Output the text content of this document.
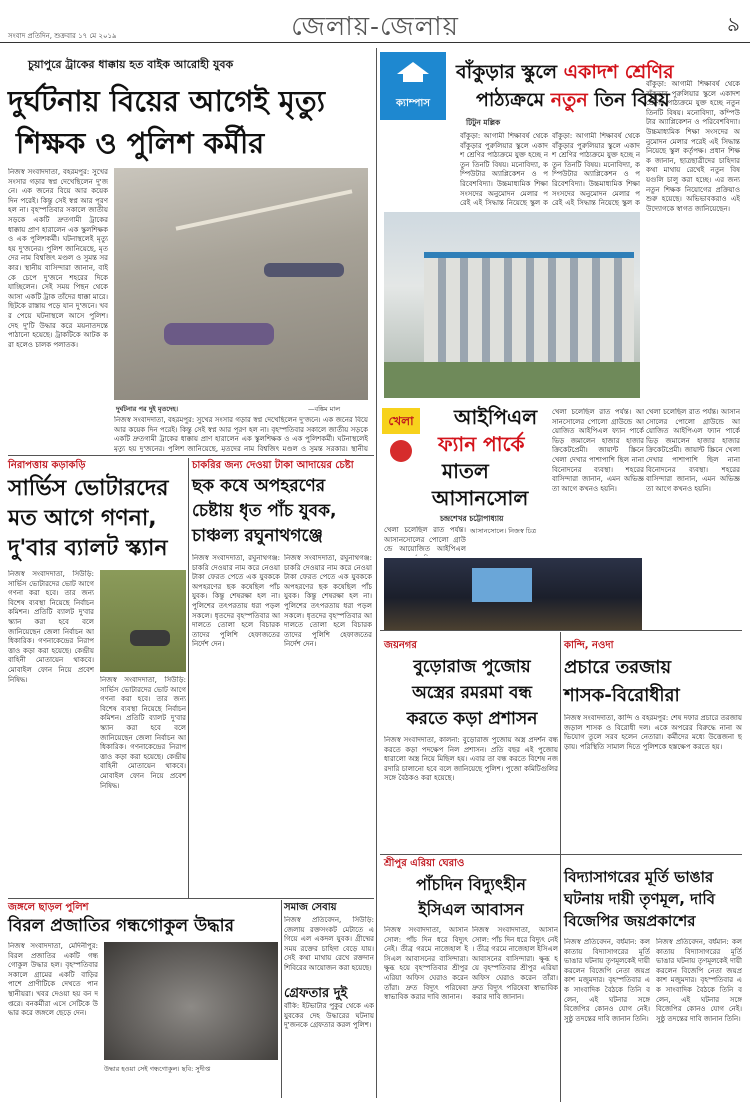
সংবাদ প্রতিদিন, শুক্রবার ১৭ মে ২০১৯	জেলায়-জেলায়	৯
চুয়াপুরে ট্রাকের ধাক্কায় হত বাইক আরোহী যুবক
দুর্ঘটনায় বিয়ের আগেই মৃত্যু
শিক্ষক ও পুলিশ কর্মীর
নিজস্ব সংবাদদাতা, বহরমপুর: সুখের সংসার গড়ার স্বপ্ন দেখেছিলেন দু'জনে। এক জনের বিয়ে আর কয়েক দিন পরেই। কিন্তু সেই স্বপ্ন আর পূরণ হল না। বৃহস্পতিবার সকালে জাতীয় সড়কে একটি দ্রুতগামী ট্রাকের ধাক্কায় প্রাণ হারালেন এক স্কুলশিক্ষক ও এক পুলিশকর্মী। ঘটনাস্থলেই মৃত্যু হয় দু'জনের। পুলিশ জানিয়েছে, মৃতদের নাম বিশ্বজিৎ মণ্ডল ও সুমন্ত সরকার। স্থানীয় বাসিন্দারা জানান, বাইকে চেপে দু'জনে শহরের দিকে যাচ্ছিলেন। সেই সময় পিছন থেকে আসা একটি ট্রাক তাঁদের ধাক্কা মারে। ছিটকে রাস্তায় পড়ে যান দু'জনে। খবর পেয়ে ঘটনাস্থলে আসে পুলিশ। দেহ দু'টি উদ্ধার করে ময়নাতদন্তে পাঠানো হয়েছে। ট্রাকটিকে আটক করা হলেও চালক পলাতক।
দুর্ঘটনার পর দুই মৃতদেহ।	—বঙ্কিম মাল
নিজস্ব সংবাদদাতা, বহরমপুর: সুখের সংসার গড়ার স্বপ্ন দেখেছিলেন দু'জনে। এক জনের বিয়ে আর কয়েক দিন পরেই। কিন্তু সেই স্বপ্ন আর পূরণ হল না। বৃহস্পতিবার সকালে জাতীয় সড়কে একটি দ্রুতগামী ট্রাকের ধাক্কায় প্রাণ হারালেন এক স্কুলশিক্ষক ও এক পুলিশকর্মী। ঘটনাস্থলেই মৃত্যু হয় দু'জনের। পুলিশ জানিয়েছে, মৃতদের নাম বিশ্বজিৎ মণ্ডল ও সুমন্ত সরকার। স্থানীয়
ক্যাম্পাস
বাঁকুড়ার স্কুলে একাদশ শ্রেণির
পাঠ্যক্রমে নতুন তিন বিষয়
টিটুন মল্লিক
বাঁকুড়া: আগামী শিক্ষাবর্ষ থেকে বাঁকুড়ার পুরুলিয়ার স্কুলে একাদশ শ্রেণির পাঠ্যক্রমে যুক্ত হচ্ছে নতুন তিনটি বিষয়। মনোবিদ্যা, কম্পিউটার অ্যাপ্লিকেশন ও পরিবেশবিদ্যা। উচ্চমাধ্যমিক শিক্ষা সংসদের অনুমোদন মেলার পরেই এই সিদ্ধান্ত নিয়েছে স্কুল ক
বাঁকুড়া: আগামী শিক্ষাবর্ষ থেকে বাঁকুড়ার পুরুলিয়ার স্কুলে একাদশ শ্রেণির পাঠ্যক্রমে যুক্ত হচ্ছে নতুন তিনটি বিষয়। মনোবিদ্যা, কম্পিউটার অ্যাপ্লিকেশন ও পরিবেশবিদ্যা। উচ্চমাধ্যমিক শিক্ষা সংসদের অনুমোদন মেলার পরেই এই সিদ্ধান্ত নিয়েছে স্কুল ক
বাঁকুড়া: আগামী শিক্ষাবর্ষ থেকে বাঁকুড়ার পুরুলিয়ার স্কুলে একাদশ শ্রেণির পাঠ্যক্রমে যুক্ত হচ্ছে নতুন তিনটি বিষয়। মনোবিদ্যা, কম্পিউটার অ্যাপ্লিকেশন ও পরিবেশবিদ্যা। উচ্চমাধ্যমিক শিক্ষা সংসদের অনুমোদন মেলার পরেই এই সিদ্ধান্ত নিয়েছে স্কুল কর্তৃপক্ষ। প্রধান শিক্ষক জানান, ছাত্রছাত্রীদের চাহিদার কথা মাথায় রেখেই নতুন বিষয়গুলি চালু করা হচ্ছে। এর জন্য নতুন শিক্ষক নিয়োগের প্রক্রিয়াও শুরু হয়েছে। অভিভাবকরাও এই উদ্যোগকে স্বাগত জানিয়েছেন।
খেলা	আইপিএল
ফ্যান পার্কে
মাতল
আসানসোল
চন্দ্রশেখর চট্টোপাধ্যায়
খেলা চলেছিল রাত পর্যন্ত। আসানসোলের পোলো গ্রাউন্ডে আয়োজিত আইপিএল
আসানসোলে। নিজস্ব চিত্র
খেলা চলেছিল রাত পর্যন্ত। আসানসোলের পোলো গ্রাউন্ডে আয়োজিত আইপিএল ফ্যান পার্কে ভিড় জমালেন হাজার হাজার ক্রিকেটপ্রেমী। জায়ান্ট স্ক্রিনে খেলা দেখার পাশাপাশি ছিল নানা বিনোদনের ব্যবস্থা। শহরের বাসিন্দারা জানান, এমন অভিজ্ঞতা আগে কখনও হয়নি।
খেলা চলেছিল রাত পর্যন্ত। আসানসোলের পোলো গ্রাউন্ডে আয়োজিত আইপিএল ফ্যান পার্কে ভিড় জমালেন হাজার হাজার ক্রিকেটপ্রেমী। জায়ান্ট স্ক্রিনে খেলা দেখার পাশাপাশি ছিল নানা বিনোদনের ব্যবস্থা। শহরের বাসিন্দারা জানান, এমন অভিজ্ঞতা আগে কখনও হয়নি।
নিরাপত্তায় কড়াকড়ি
সার্ভিস ভোটারদের
মত আগে গণনা,
দু'বার ব্যালট স্ক্যান
নিজস্ব সংবাদদাতা, সিউড়ি: সার্ভিস ভোটারদের ভোট আগে গণনা করা হবে। তার জন্য বিশেষ ব্যবস্থা নিয়েছে নির্বাচন কমিশন। প্রতিটি ব্যালট দু'বার স্ক্যান করা হবে বলে জানিয়েছেন জেলা নির্বাচন আধিকারিক। গণনাকেন্দ্রের নিরাপত্তাও কড়া করা হয়েছে। কেন্দ্রীয় বাহিনী মোতায়েন থাকবে। মোবাইল ফোন নিয়ে প্রবেশ নিষিদ্ধ।	নিজস্ব সংবাদদাতা, সিউড়ি: সার্ভিস ভোটারদের ভোট আগে গণনা করা হবে। তার জন্য বিশেষ ব্যবস্থা নিয়েছে নির্বাচন কমিশন। প্রতিটি ব্যালট দু'বার স্ক্যান করা হবে বলে জানিয়েছেন জেলা নির্বাচন আধিকারিক। গণনাকেন্দ্রের নিরাপত্তাও কড়া করা হয়েছে। কেন্দ্রীয় বাহিনী মোতায়েন থাকবে। মোবাইল ফোন নিয়ে প্রবেশ নিষিদ্ধ।
চাকরির জন্য দেওয়া টাকা আদায়ের চেষ্টা
ছক কষে অপহরণের
চেষ্টায় ধৃত পাঁচ যুবক,
চাঞ্চল্য রঘুনাথগঞ্জে
নিজস্ব সংবাদদাতা, রঘুনাথগঞ্জ: চাকরি দেওয়ার নাম করে নেওয়া টাকা ফেরত পেতে এক যুবককে অপহরণের ছক কষেছিল পাঁচ যুবক। কিন্তু শেষরক্ষা হল না। পুলিশের তৎপরতায় ধরা পড়ল সকলে। ধৃতদের বৃহস্পতিবার আদালতে তোলা হলে বিচারক তাদের পুলিশি হেফাজতের নির্দেশ দেন।
নিজস্ব সংবাদদাতা, রঘুনাথগঞ্জ: চাকরি দেওয়ার নাম করে নেওয়া টাকা ফেরত পেতে এক যুবককে অপহরণের ছক কষেছিল পাঁচ যুবক। কিন্তু শেষরক্ষা হল না। পুলিশের তৎপরতায় ধরা পড়ল সকলে। ধৃতদের বৃহস্পতিবার আদালতে তোলা হলে বিচারক তাদের পুলিশি হেফাজতের নির্দেশ দেন।	জয়নগর
বুড়োরাজ পুজোয়
অস্ত্রের রমরমা বন্ধ
করতে কড়া প্রশাসন
নিজস্ব সংবাদদাতা, কালনা: বুড়োরাজ পুজোয় অস্ত্র প্রদর্শন বন্ধ করতে কড়া পদক্ষেপ নিল প্রশাসন। প্রতি বছর এই পুজোয় ধারালো অস্ত্র নিয়ে মিছিল হয়। এবার তা বন্ধ করতে বিশেষ নজরদারি চালানো হবে বলে জানিয়েছে পুলিশ। পুজো কমিটিগুলির সঙ্গে বৈঠকও করা হয়েছে।
কান্দি, নওদা
প্রচারে তরজায়
শাসক-বিরোধীরা
নিজস্ব সংবাদদাতা, কান্দি ও বহরমপুর: শেষ দফার প্রচারে তরজায় জড়াল শাসক ও বিরোধী দল। একে অপরের বিরুদ্ধে নানা অভিযোগ তুলে সরব হলেন নেতারা। কর্মীদের মধ্যে উত্তেজনা ছড়ায়। পরিস্থিতি সামাল দিতে পুলিশকে হস্তক্ষেপ করতে হয়।
জঙ্গলে ছাড়ল পুলিশ
বিরল প্রজাতির গন্ধগোকুল উদ্ধার
নিজস্ব সংবাদদাতা, মেদিনীপুর: বিরল প্রজাতির একটি গন্ধগোকুল উদ্ধার হল। বৃহস্পতিবার সকালে গ্রামের একটি বাড়ির পাশে প্রাণীটিকে দেখতে পান স্থানীয়রা। খবর দেওয়া হয় বন দপ্তরে। বনকর্মীরা এসে সেটিকে উদ্ধার করে জঙ্গলে ছেড়ে দেন।
উদ্ধার হওয়া সেই গন্ধগোকুল। ছবি: সুদীপ্ত
সমাজ সেবায়
নিজস্ব প্রতিবেদন, সিউড়ি: জেলায় রক্তসংকট মেটাতে এগিয়ে এল একদল যুবক। গ্রীষ্মের সময় রক্তের চাহিদা বেড়ে যায়। সেই কথা মাথায় রেখে রক্তদান শিবিরের আয়োজন করা হয়েছে।
গ্রেফতার দুই
বাঁকি: ইটভাটার পুকুর থেকে এক যুবকের দেহ উদ্ধারের ঘটনায় দু'জনকে গ্রেফতার করল পুলিশ।
শ্রীপুর এরিয়া ঘেরাও
পাঁচদিন বিদ্যুৎহীন
ইসিএল আবাসন
নিজস্ব সংবাদদাতা, আসানসোল: পাঁচ দিন ধরে বিদ্যুৎ নেই। তীব্র গরমে নাজেহাল ইসিএল আবাসনের বাসিন্দারা। ক্ষুব্ধ হয়ে বৃহস্পতিবার শ্রীপুর এরিয়া অফিস ঘেরাও করেন তাঁরা। দ্রুত বিদ্যুৎ পরিষেবা স্বাভাবিক করার দাবি জানান।
নিজস্ব সংবাদদাতা, আসানসোল: পাঁচ দিন ধরে বিদ্যুৎ নেই। তীব্র গরমে নাজেহাল ইসিএল আবাসনের বাসিন্দারা। ক্ষুব্ধ হয়ে বৃহস্পতিবার শ্রীপুর এরিয়া অফিস ঘেরাও করেন তাঁরা। দ্রুত বিদ্যুৎ পরিষেবা স্বাভাবিক করার দাবি জানান।
বিদ্যাসাগরের মূর্তি ভাঙার
ঘটনায় দায়ী তৃণমূল, দাবি
বিজেপির জয়প্রকাশের
নিজস্ব প্রতিবেদন, বর্ধমান: কলকাতায় বিদ্যাসাগরের মূর্তি ভাঙার ঘটনায় তৃণমূলকেই দায়ী করলেন বিজেপি নেতা জয়প্রকাশ মজুমদার। বৃহস্পতিবার এক সাংবাদিক বৈঠকে তিনি বলেন, এই ঘটনার সঙ্গে বিজেপির কোনও যোগ নেই। সুষ্ঠু তদন্তের দাবি জানান তিনি।
নিজস্ব প্রতিবেদন, বর্ধমান: কলকাতায় বিদ্যাসাগরের মূর্তি ভাঙার ঘটনায় তৃণমূলকেই দায়ী করলেন বিজেপি নেতা জয়প্রকাশ মজুমদার। বৃহস্পতিবার এক সাংবাদিক বৈঠকে তিনি বলেন, এই ঘটনার সঙ্গে বিজেপির কোনও যোগ নেই। সুষ্ঠু তদন্তের দাবি জানান তিনি।
